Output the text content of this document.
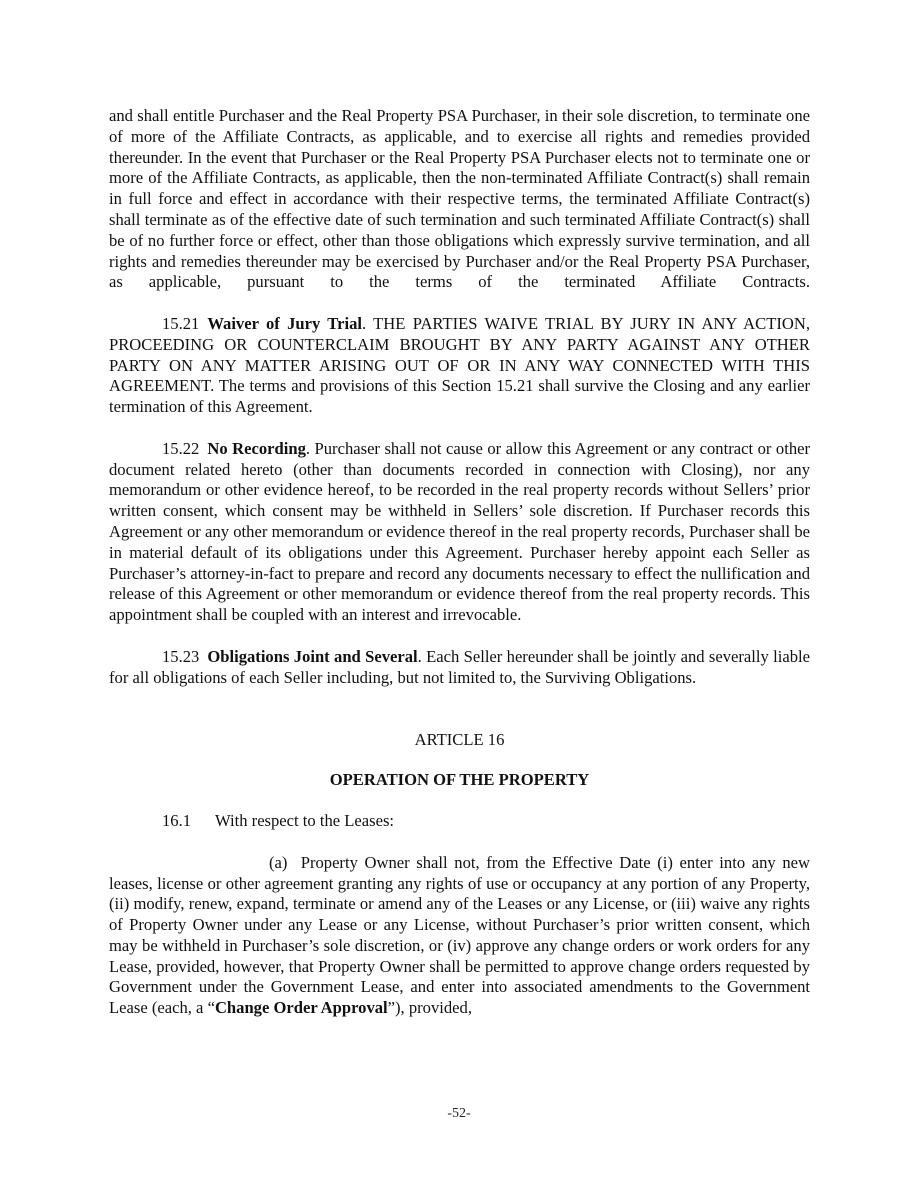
and shall entitle Purchaser and the Real Property PSA Purchaser, in their sole discretion, to terminate one of more of the Affiliate Contracts, as applicable, and to exercise all rights and remedies provided thereunder. In the event that Purchaser or the Real Property PSA Purchaser elects not to terminate one or more of the Affiliate Contracts, as applicable, then the non-terminated Affiliate Contract(s) shall remain in full force and effect in accordance with their respective terms, the terminated Affiliate Contract(s) shall terminate as of the effective date of such termination and such terminated Affiliate Contract(s) shall be of no further force or effect, other than those obligations which expressly survive termination, and all rights and remedies thereunder may be exercised by Purchaser and/or the Real Property PSA Purchaser, as applicable, pursuant to the terms of the terminated Affiliate Contracts.

15.21 Waiver of Jury Trial. THE PARTIES WAIVE TRIAL BY JURY IN ANY ACTION, PROCEEDING OR COUNTERCLAIM BROUGHT BY ANY PARTY AGAINST ANY OTHER PARTY ON ANY MATTER ARISING OUT OF OR IN ANY WAY CONNECTED WITH THIS AGREEMENT. The terms and provisions of this Section 15.21 shall survive the Closing and any earlier termination of this Agreement.

15.22 No Recording. Purchaser shall not cause or allow this Agreement or any contract or other document related hereto (other than documents recorded in connection with Closing), nor any memorandum or other evidence hereof, to be recorded in the real property records without Sellers’ prior written consent, which consent may be withheld in Sellers’ sole discretion. If Purchaser records this Agreement or any other memorandum or evidence thereof in the real property records, Purchaser shall be in material default of its obligations under this Agreement. Purchaser hereby appoint each Seller as Purchaser’s attorney-in-fact to prepare and record any documents necessary to effect the nullification and release of this Agreement or other memorandum or evidence thereof from the real property records. This appointment shall be coupled with an interest and irrevocable.

15.23 Obligations Joint and Several. Each Seller hereunder shall be jointly and severally liable for all obligations of each Seller including, but not limited to, the Surviving Obligations.

ARTICLE 16

OPERATION OF THE PROPERTY

16.1 With respect to the Leases:

(a) Property Owner shall not, from the Effective Date (i) enter into any new leases, license or other agreement granting any rights of use or occupancy at any portion of any Property, (ii) modify, renew, expand, terminate or amend any of the Leases or any License, or (iii) waive any rights of Property Owner under any Lease or any License, without Purchaser’s prior written consent, which may be withheld in Purchaser’s sole discretion, or (iv) approve any change orders or work orders for any Lease, provided, however, that Property Owner shall be permitted to approve change orders requested by Government under the Government Lease, and enter into associated amendments to the Government Lease (each, a “Change Order Approval”), provided,

-52-
